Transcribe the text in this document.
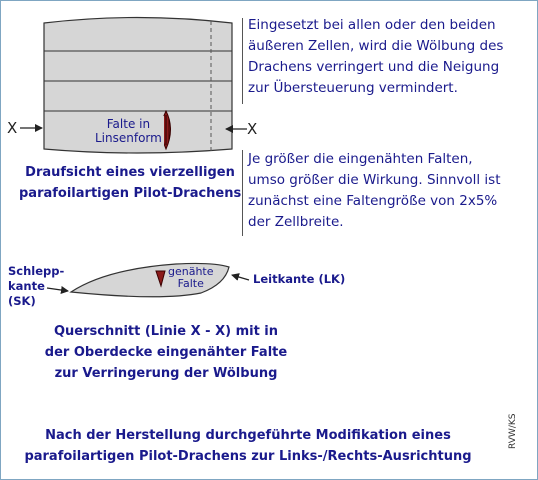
Falte in
Linsenform
X	X
Draufsicht eines vierzelligen
parafoilartigen Pilot-Drachens
Eingesetzt bei allen oder den beiden
äußeren Zellen, wird die Wölbung des
Drachens verringert und die Neigung
zur Übersteuerung vermindert.
Je größer die eingenähten Falten,
umso größer die Wirkung. Sinnvoll ist
zunächst eine Faltengröße von 2x5%
der Zellbreite.
Schlepp-
kante
(SK)
genähte
Falte	Leitkante (LK)
Querschnitt (Linie X - X) mit in
der Oberdecke eingenähter Falte
zur Verringerung der Wölbung
Nach der Herstellung durchgeführte Modifikation eines
parafoilartigen Pilot-Drachens zur Links-/Rechts-Ausrichtung
RVW/KS
